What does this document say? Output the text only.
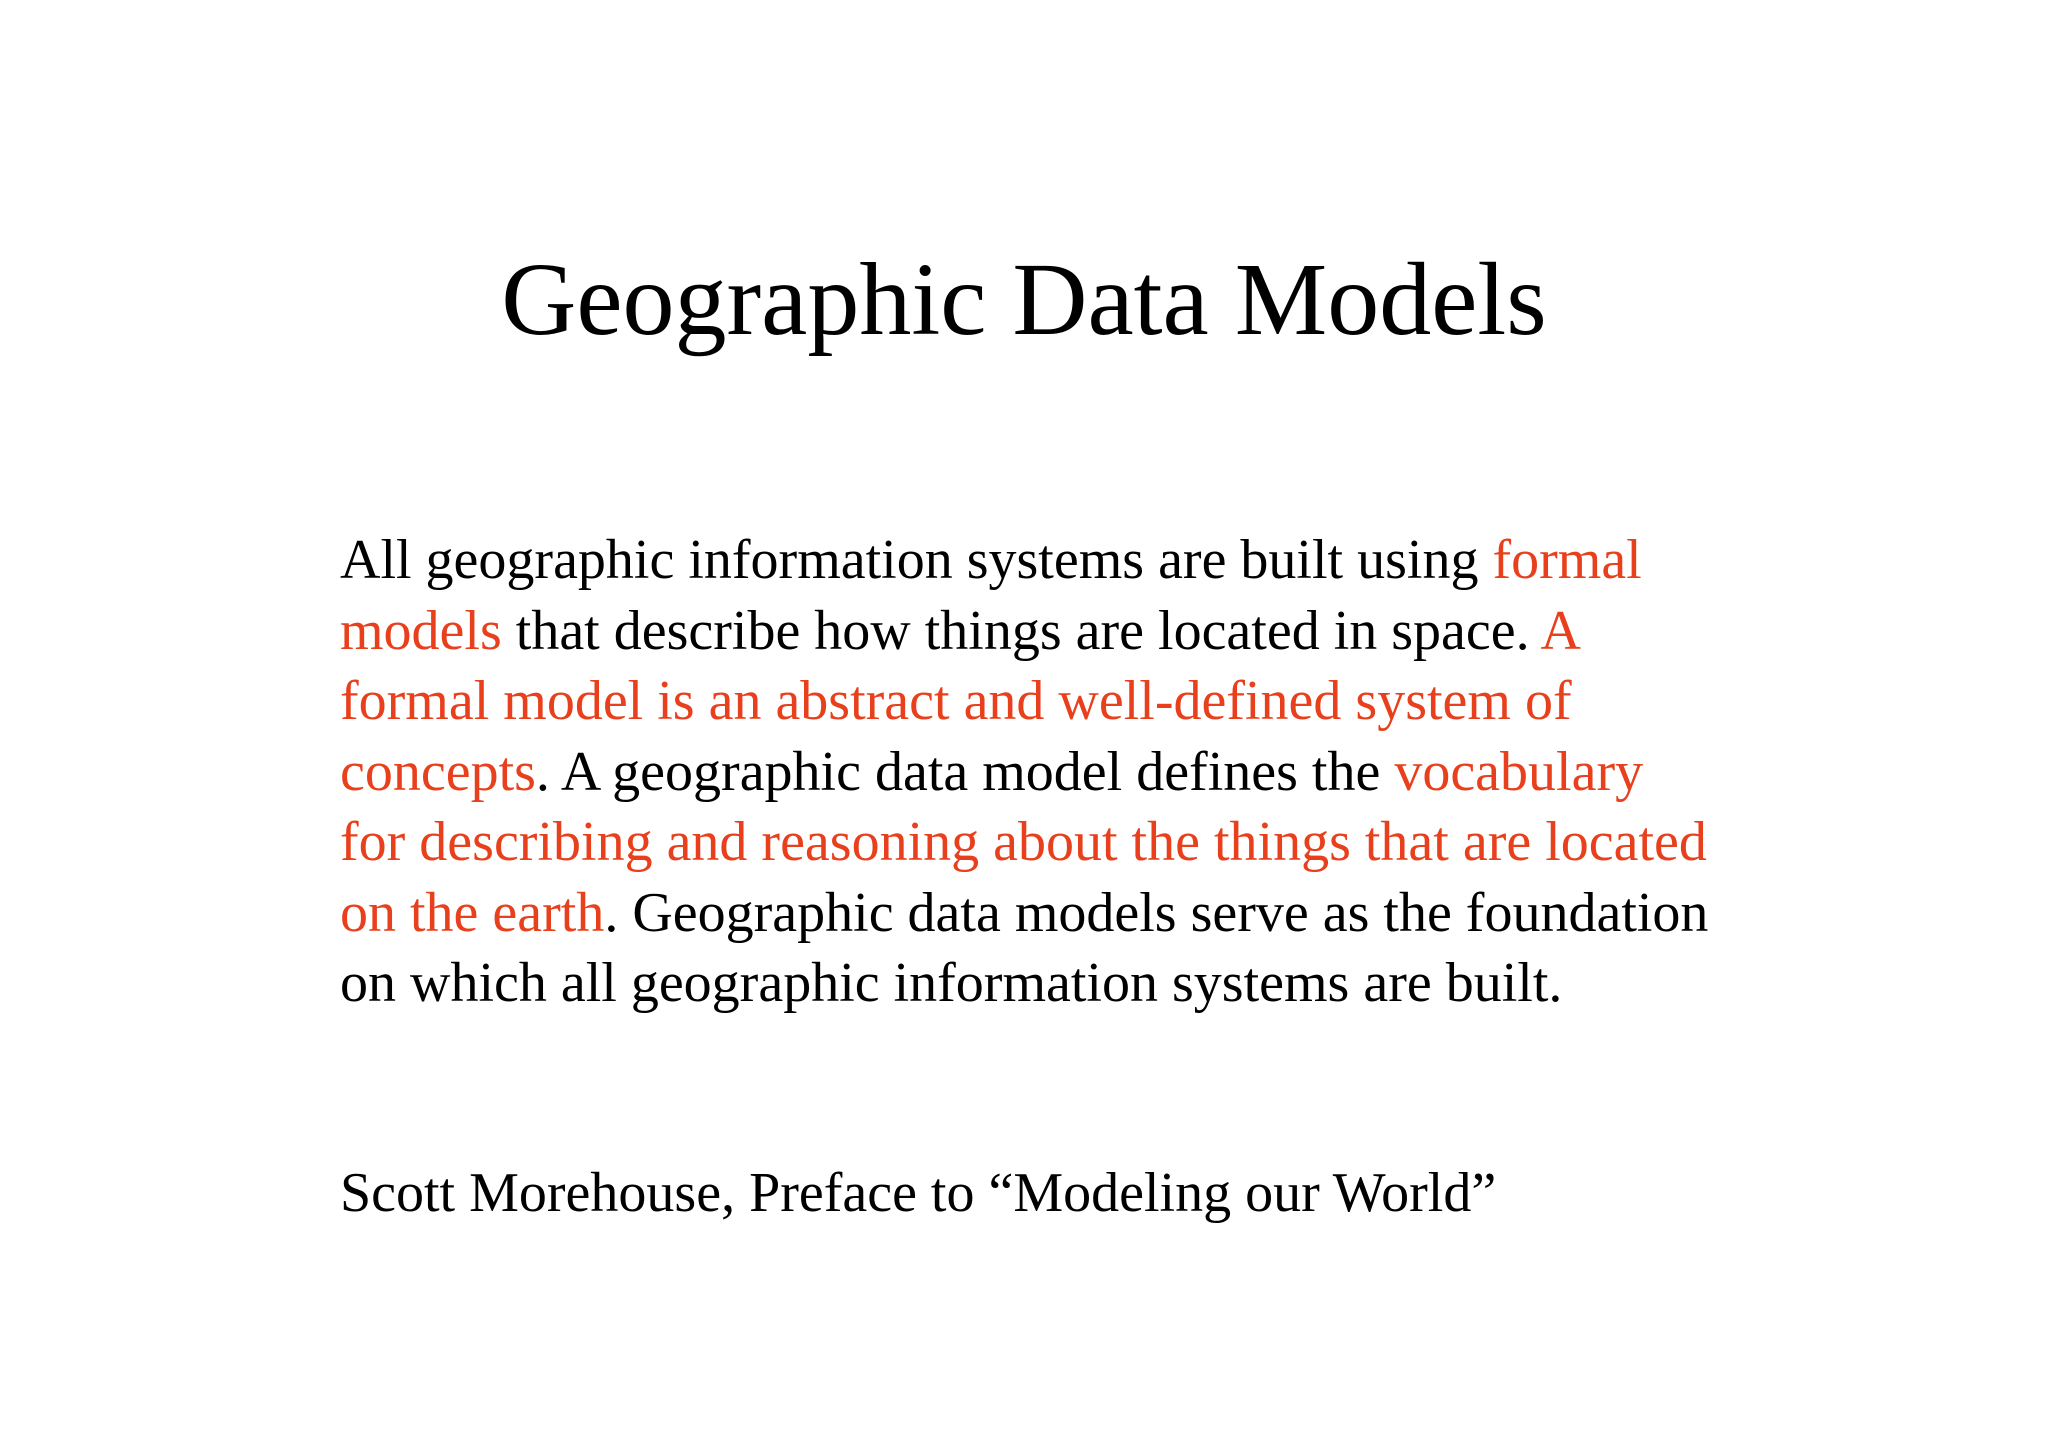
Geographic Data Models

All geographic information systems are built using formal models that describe how things are located in space. A formal model is an abstract and well-defined system of concepts. A geographic data model defines the vocabulary for describing and reasoning about the things that are located on the earth. Geographic data models serve as the foundation on which all geographic information systems are built.

Scott Morehouse, Preface to “Modeling our World”
